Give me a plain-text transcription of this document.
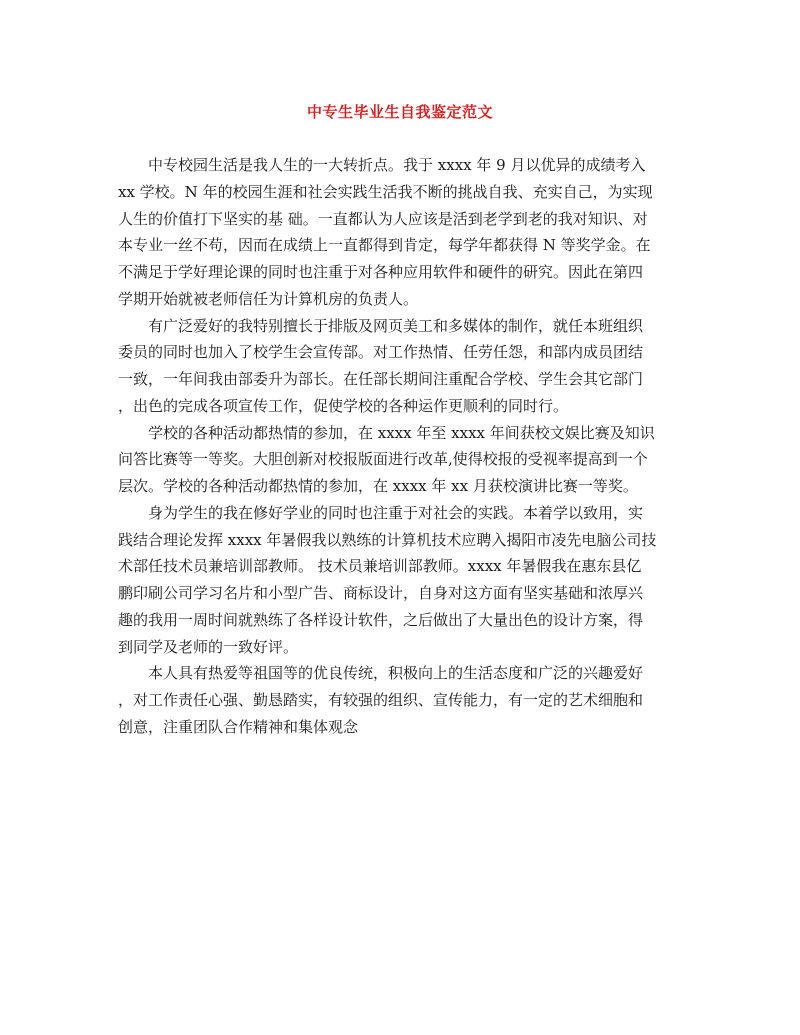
中专生毕业生自我鉴定范文
中专校园生活是我人生的一大转折点。我于 xxxx 年 9 月以优异的成绩考入
xx 学校。N 年的校园生涯和社会实践生活我不断的挑战自我、充实自己，为实现
人生的价值打下坚实的基 础。一直都认为人应该是活到老学到老的我对知识、对
本专业一丝不苟，因而在成绩上一直都得到肯定，每学年都获得 N 等奖学金。在
不满足于学好理论课的同时也注重于对各种应用软件和硬件的研究。因此在第四
学期开始就被老师信任为计算机房的负责人。
有广泛爱好的我特别擅长于排版及网页美工和多媒体的制作，就任本班组织
委员的同时也加入了校学生会宣传部。对工作热情、任劳任怨，和部内成员团结
一致，一年间我由部委升为部长。在任部长期间注重配合学校、学生会其它部门
，出色的完成各项宣传工作，促使学校的各种运作更顺利的同时行。
学校的各种活动都热情的参加，在 xxxx 年至 xxxx 年间获校文娱比赛及知识
问答比赛等一等奖。大胆创新对校报版面进行改革,使得校报的受视率提高到一个
层次。学校的各种活动都热情的参加，在 xxxx 年 xx 月获校演讲比赛一等奖。
身为学生的我在修好学业的同时也注重于对社会的实践。本着学以致用，实
践结合理论发挥 xxxx 年暑假我以熟练的计算机技术应聘入揭阳市凌先电脑公司技
术部任技术员兼培训部教师。 技术员兼培训部教师。xxxx 年暑假我在惠东县亿
鹏印刷公司学习名片和小型广告、商标设计，自身对这方面有坚实基础和浓厚兴
趣的我用一周时间就熟练了各样设计软件，之后做出了大量出色的设计方案，得
到同学及老师的一致好评。
本人具有热爱等祖国等的优良传统，积极向上的生活态度和广泛的兴趣爱好
，对工作责任心强、勤恳踏实，有较强的组织、宣传能力，有一定的艺术细胞和
创意，注重团队合作精神和集体观念
